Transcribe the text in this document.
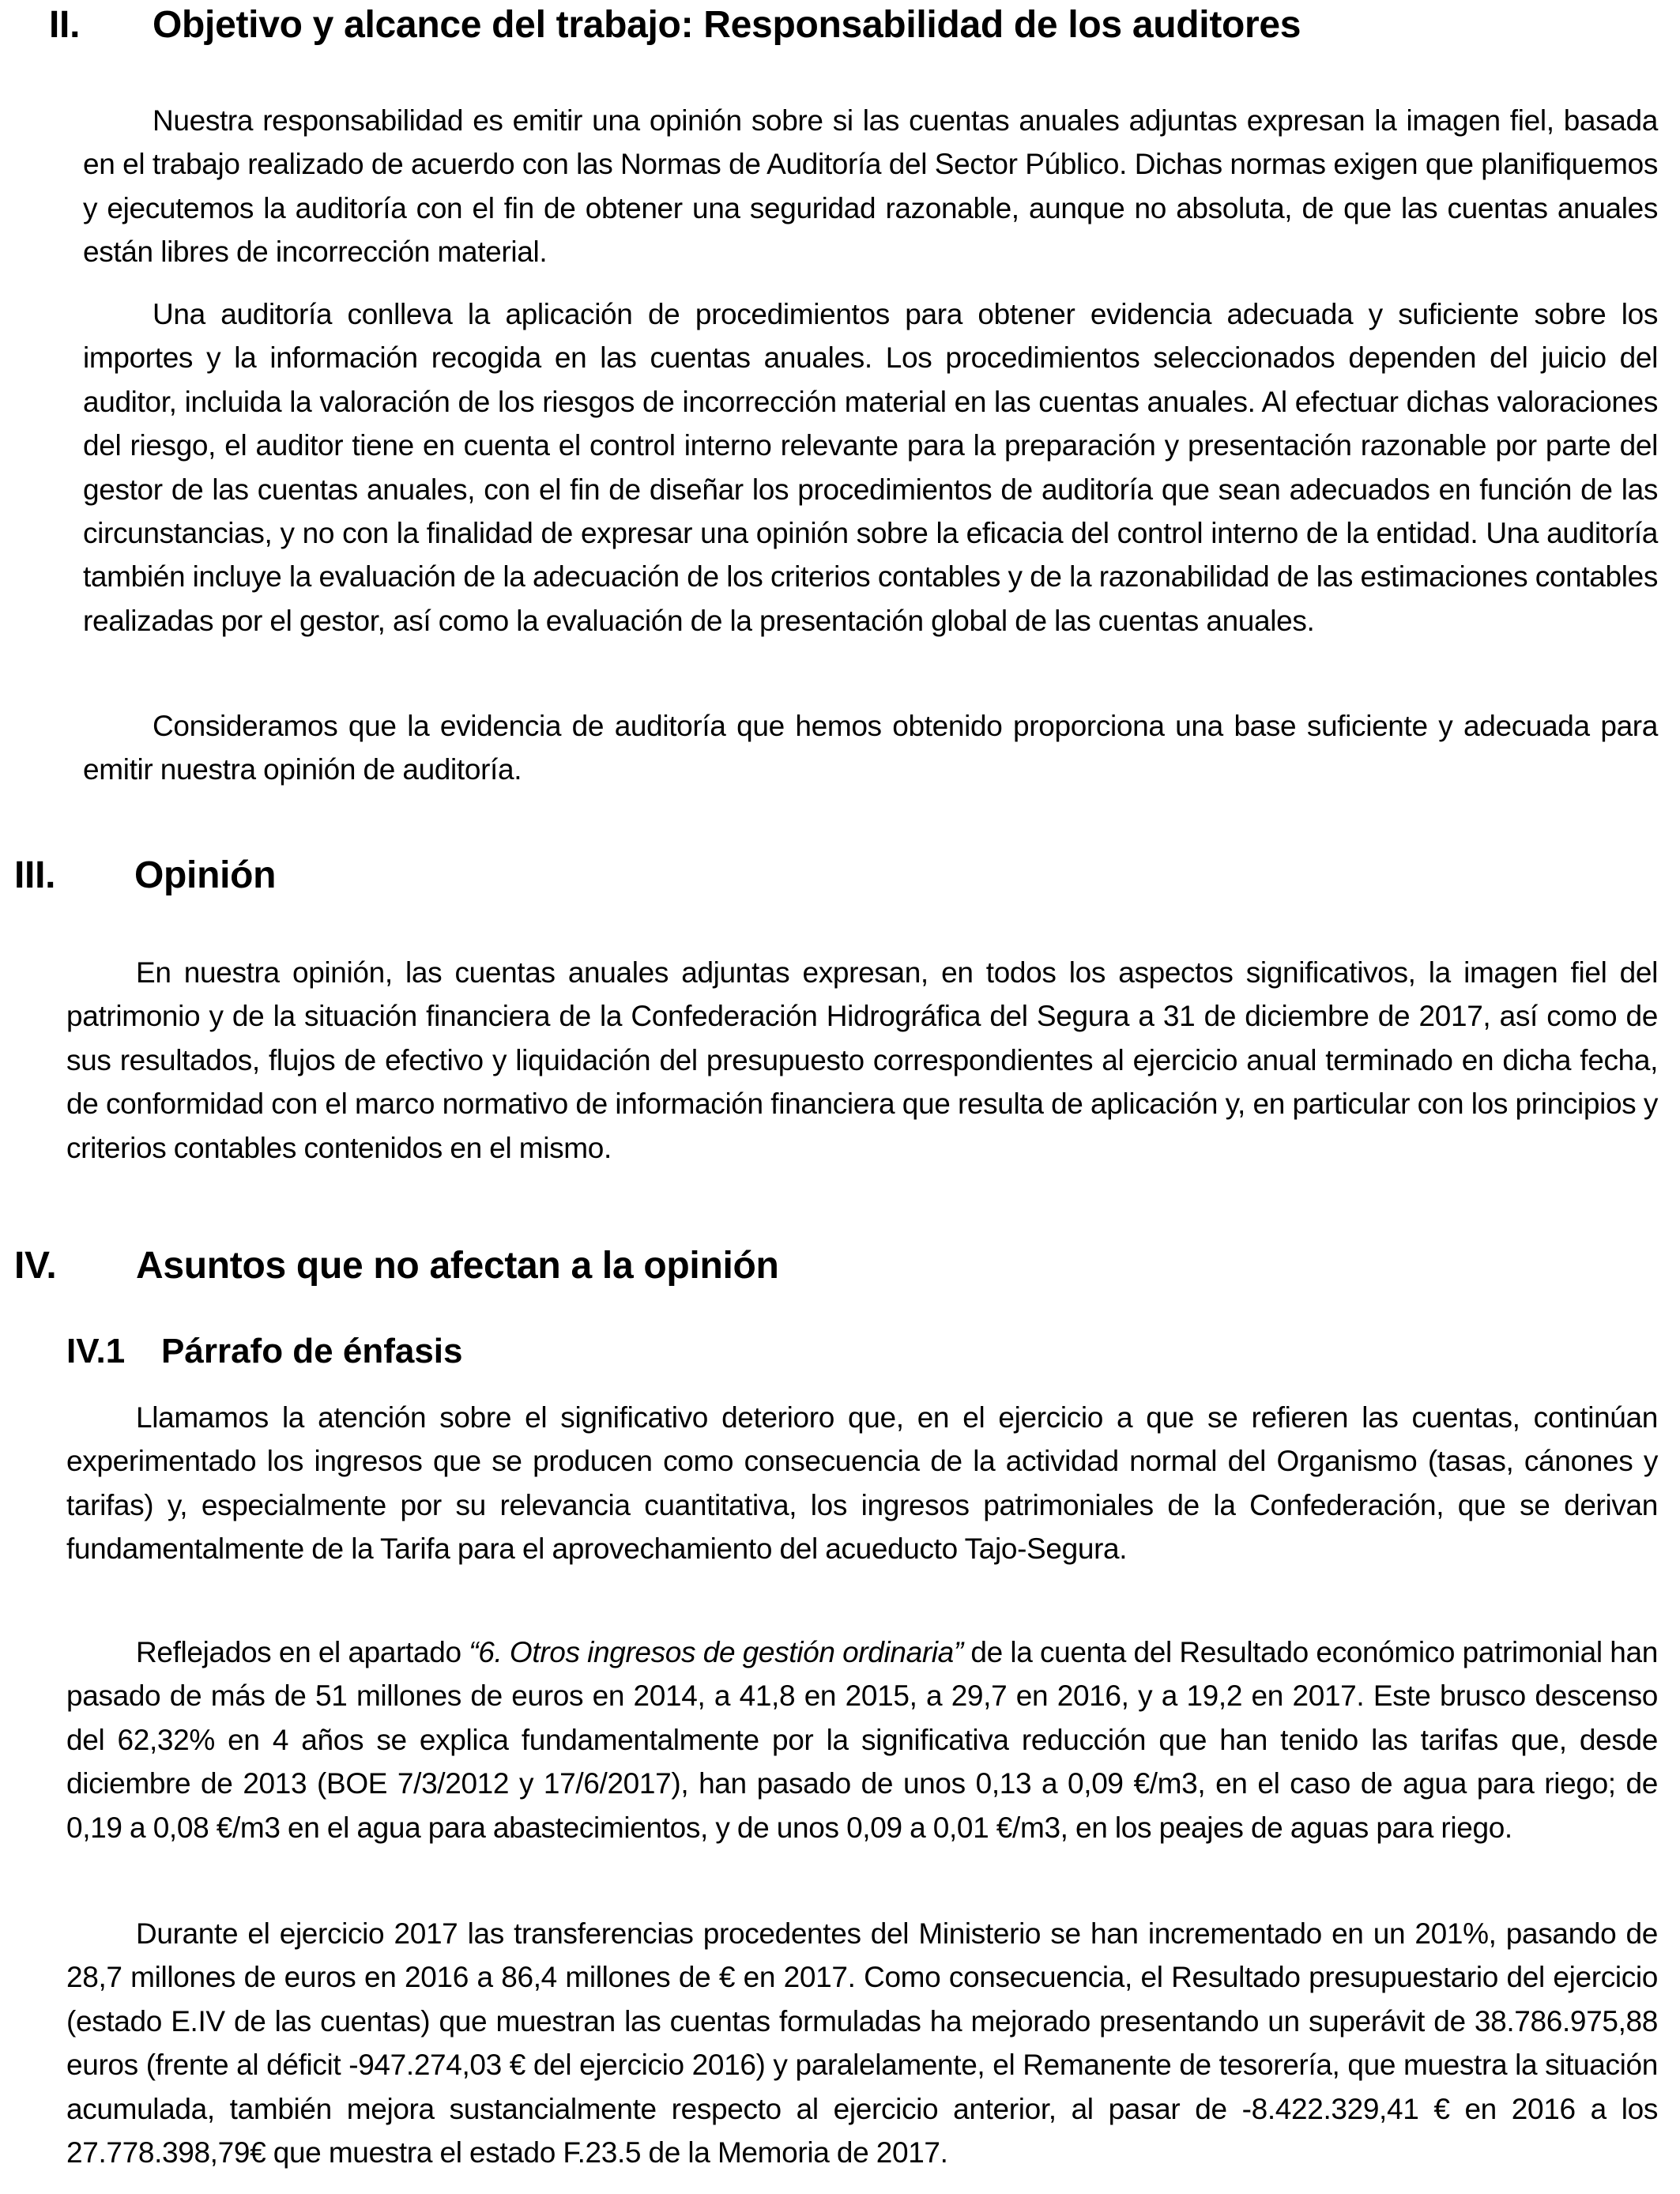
II. Objetivo y alcance del trabajo: Responsabilidad de los auditores

Nuestra responsabilidad es emitir una opinión sobre si las cuentas anuales adjuntas expresan la imagen fiel, basada en el trabajo realizado de acuerdo con las Normas de Auditoría del Sector Público. Dichas normas exigen que planifiquemos y ejecutemos la auditoría con el fin de obtener una seguridad razonable, aunque no absoluta, de que las cuentas anuales están libres de incorrección material.

Una auditoría conlleva la aplicación de procedimientos para obtener evidencia adecuada y suficiente sobre los importes y la información recogida en las cuentas anuales. Los procedimientos seleccionados dependen del juicio del auditor, incluida la valoración de los riesgos de incorrección material en las cuentas anuales. Al efectuar dichas valoraciones del riesgo, el auditor tiene en cuenta el control interno relevante para la preparación y presentación razonable por parte del gestor de las cuentas anuales, con el fin de diseñar los procedimientos de auditoría que sean adecuados en función de las circunstancias, y no con la finalidad de expresar una opinión sobre la eficacia del control interno de la entidad. Una auditoría también incluye la evaluación de la adecuación de los criterios contables y de la razonabilidad de las estimaciones contables realizadas por el gestor, así como la evaluación de la presentación global de las cuentas anuales.

Consideramos que la evidencia de auditoría que hemos obtenido proporciona una base suficiente y adecuada para emitir nuestra opinión de auditoría.

III. Opinión

En nuestra opinión, las cuentas anuales adjuntas expresan, en todos los aspectos significativos, la imagen fiel del patrimonio y de la situación financiera de la Confederación Hidrográfica del Segura a 31 de diciembre de 2017, así como de sus resultados, flujos de efectivo y liquidación del presupuesto correspondientes al ejercicio anual terminado en dicha fecha, de conformidad con el marco normativo de información financiera que resulta de aplicación y, en particular con los principios y criterios contables contenidos en el mismo.

IV. Asuntos que no afectan a la opinión
IV.1 Párrafo de énfasis

Llamamos la atención sobre el significativo deterioro que, en el ejercicio a que se refieren las cuentas, continúan experimentado los ingresos que se producen como consecuencia de la actividad normal del Organismo (tasas, cánones y tarifas) y, especialmente por su relevancia cuantitativa, los ingresos patrimoniales de la Confederación, que se derivan fundamentalmente de la Tarifa para el aprovechamiento del acueducto Tajo-Segura.

Reflejados en el apartado “6. Otros ingresos de gestión ordinaria” de la cuenta del Resultado económico patrimonial han pasado de más de 51 millones de euros en 2014, a 41,8 en 2015, a 29,7 en 2016, y a 19,2 en 2017. Este brusco descenso del 62,32% en 4 años se explica fundamentalmente por la significativa reducción que han tenido las tarifas que, desde diciembre de 2013 (BOE 7/3/2012 y 17/6/2017), han pasado de unos 0,13 a 0,09 €/m3, en el caso de agua para riego; de 0,19 a 0,08 €/m3 en el agua para abastecimientos, y de unos 0,09 a 0,01 €/m3, en los peajes de aguas para riego.

Durante el ejercicio 2017 las transferencias procedentes del Ministerio se han incrementado en un 201%, pasando de 28,7 millones de euros en 2016 a 86,4 millones de € en 2017. Como consecuencia, el Resultado presupuestario del ejercicio (estado E.IV de las cuentas) que muestran las cuentas formuladas ha mejorado presentando un superávit de 38.786.975,88 euros (frente al déficit -947.274,03 € del ejercicio 2016) y paralelamente, el Remanente de tesorería, que muestra la situación acumulada, también mejora sustancialmente respecto al ejercicio anterior, al pasar de -8.422.329,41 € en 2016 a los 27.778.398,79€ que muestra el estado F.23.5 de la Memoria de 2017.
